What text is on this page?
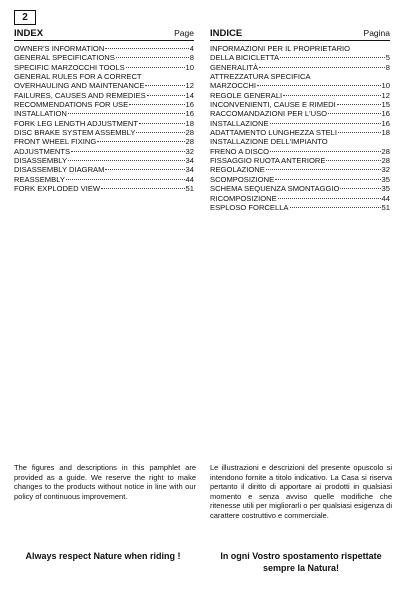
2
INDEX	Page
OWNER'S INFORMATION	4
GENERAL SPECIFICATIONS	8
SPECIFIC MARZOCCHI TOOLS	10
GENERAL RULES FOR A CORRECT
OVERHAULING AND MAINTENANCE	12
FAILURES, CAUSES AND REMEDIES	14
RECOMMENDATIONS FOR USE	16
INSTALLATION	16
FORK LEG LENGTH ADJUSTMENT	18
DISC BRAKE SYSTEM ASSEMBLY	28
FRONT WHEEL FIXING	28
ADJUSTMENTS	32
DISASSEMBLY	34
DISASSEMBLY DIAGRAM	34
REASSEMBLY	44
FORK EXPLODED VIEW	51
INDICE	Pagina
INFORMAZIONI PER IL PROPRIETARIO
DELLA BICICLETTA	5
GENERALITÀ	8
ATTREZZATURA SPECIFICA
MARZOCCHI	10
REGOLE GENERALI	12
INCONVENIENTI, CAUSE E RIMEDI	15
RACCOMANDAZIONI PER L'USO	16
INSTALLAZIONE	16
ADATTAMENTO LUNGHEZZA STELI	18
INSTALLAZIONE DELL'IMPIANTO
FRENO A DISCO	28
FISSAGGIO RUOTA ANTERIORE	28
REGOLAZIONE	32
SCOMPOSIZIONE	35
SCHEMA SEQUENZA SMONTAGGIO	35
RICOMPOSIZIONE	44
ESPLOSO FORCELLA	51
The figures and descriptions in this pamphlet are provided as a guide. We reserve the right to make changes to the products without notice in line with our policy of continuous improvement.
Le illustrazioni e descrizioni del presente opuscolo si intendono fornite a titolo indicativo. La Casa si riserva pertanto il diritto di apportare ai prodotti in qualsiasi momento e senza avviso quelle modifiche che ritenesse utili per migliorarli o per qualsiasi esigenza di carattere costruttivo e commerciale.
Always respect Nature when riding !	In ogni Vostro spostamento rispettate sempre la Natura!
